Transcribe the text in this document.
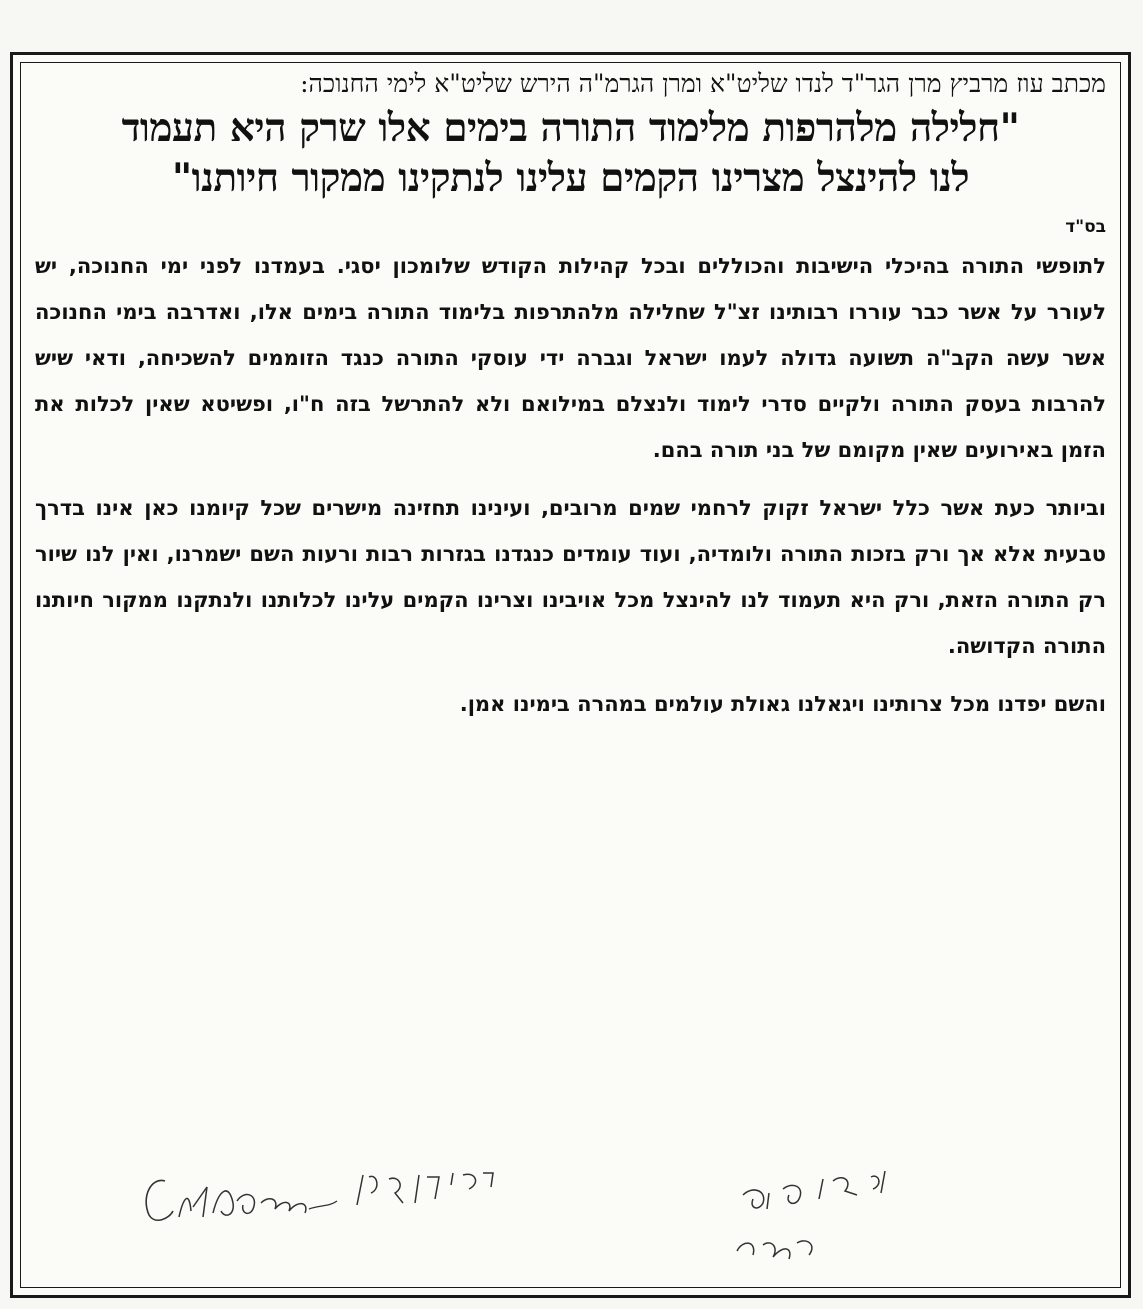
מכתב עוז מרביץ מרן הגר"ד לנדו שליט"א ומרן הגרמ"ה הירש שליט"א לימי החנוכה:

"חלילה מלהרפות מלימוד התורה בימים אלו שרק היא תעמוד

לנו להינצל מצרינו הקמים עלינו לנתקינו ממקור חיותנו"

בס"ד

לתופשי התורה בהיכלי הישיבות והכוללים ובכל קהילות הקודש שלומכון יסגי. בעמדנו לפני ימי החנוכה, יש לעורר על אשר כבר עוררו רבותינו זצ"ל שחלילה מלהתרפות בלימוד התורה בימים אלו, ואדרבה בימי החנוכה אשר עשה הקב"ה תשועה גדולה לעמו ישראל וגברה ידי עוסקי התורה כנגד הזוממים להשכיחה, ודאי שיש להרבות בעסק התורה ולקיים סדרי לימוד ולנצלם במילואם ולא להתרשל בזה ח"ו, ופשיטא שאין לכלות את הזמן באירועים שאין מקומם של בני תורה בהם.

וביותר כעת אשר כלל ישראל זקוק לרחמי שמים מרובים, ועינינו תחזינה מישרים שכל קיומנו כאן אינו בדרך טבעית אלא אך ורק בזכות התורה ולומדיה, ועוד עומדים כנגדנו בגזרות רבות ורעות השם ישמרנו, ואין לנו שיור רק התורה הזאת, ורק היא תעמוד לנו להינצל מכל אויבינו וצרינו הקמים עלינו לכלותנו ולנתקנו ממקור חיותנו התורה הקדושה.

והשם יפדנו מכל צרותינו ויגאלנו גאולת עולמים במהרה בימינו אמן.
